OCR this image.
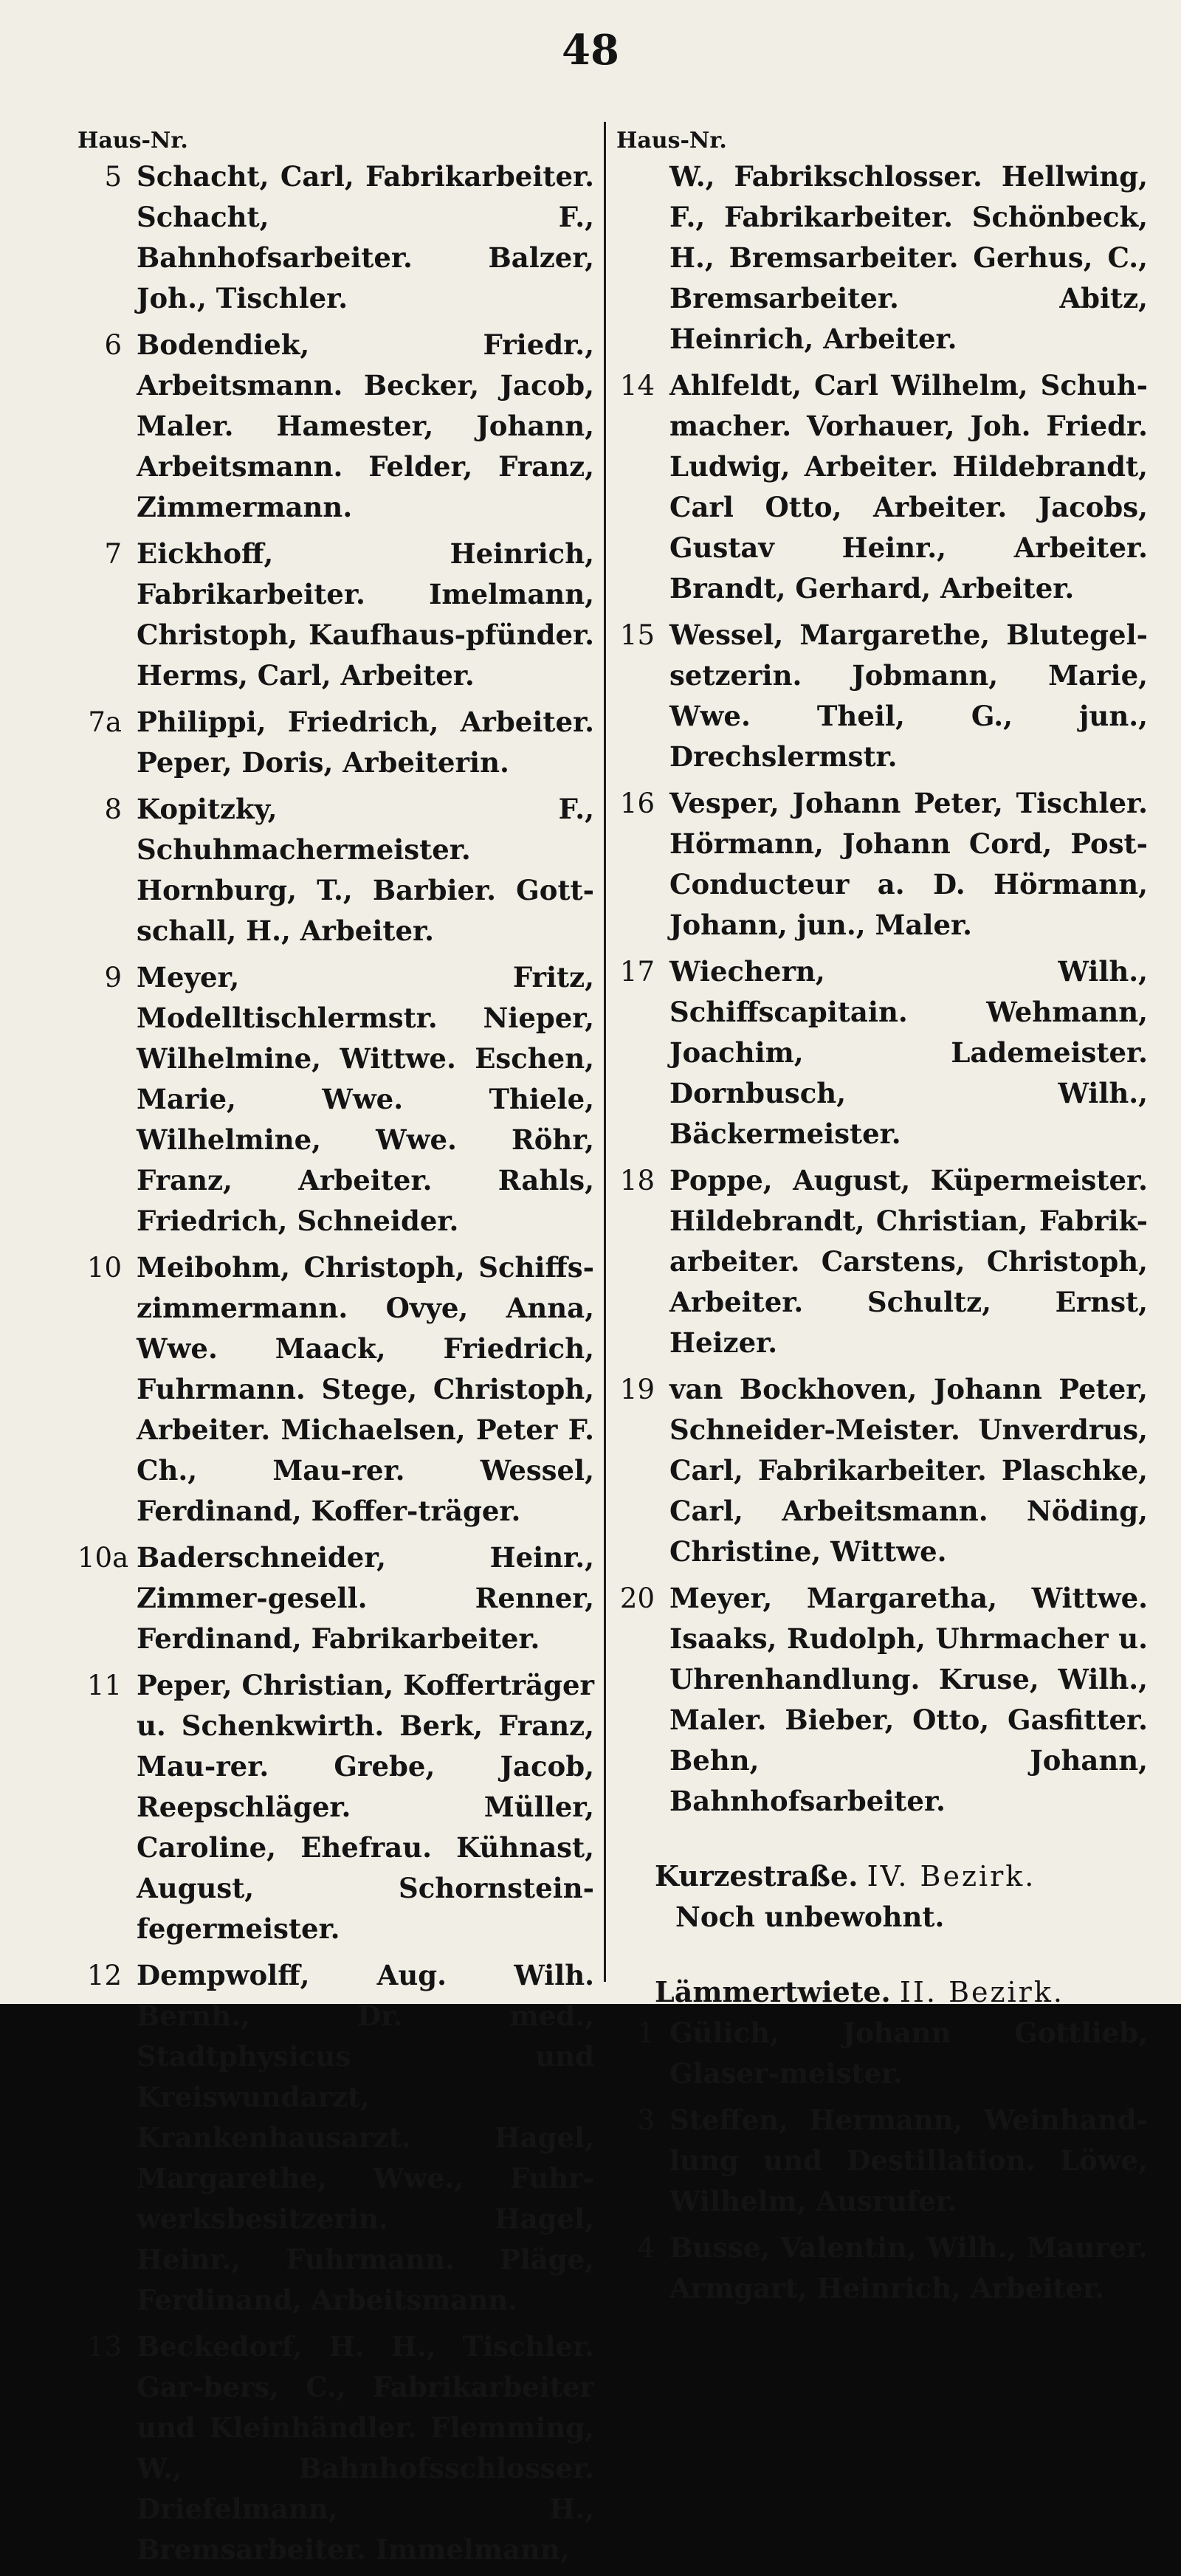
48
Haus-Nr.
5 Schacht, Carl, Fabrikarbeiter. Schacht, F., Bahnhofsarbeiter. Balzer, Joh., Tischler.
6 Bodendiek, Friedr., Arbeitsmann. Becker, Jacob, Maler. Hamester, Johann, Arbeitsmann. Felder, Franz, Zimmermann.
7 Eickhoff, Heinrich, Fabrikarbeiter. Imelmann, Christoph, Kaufhaus-pfünder. Herms, Carl, Arbeiter.
7a Philippi, Friedrich, Arbeiter. Peper, Doris, Arbeiterin.
8 Kopitzky, F., Schuhmachermeister. Hornburg, T., Barbier. Gott-schall, H., Arbeiter.
9 Meyer, Fritz, Modelltischlermstr. Nieper, Wilhelmine, Wittwe. Eschen, Marie, Wwe. Thiele, Wilhelmine, Wwe. Röhr, Franz, Arbeiter. Rahls, Friedrich, Schneider.
10 Meibohm, Christoph, Schiffs-zimmermann. Ovye, Anna, Wwe. Maack, Friedrich, Fuhrmann. Stege, Christoph, Arbeiter. Michaelsen, Peter F. Ch., Mau-rer. Wessel, Ferdinand, Koffer-träger.
10a Baderschneider, Heinr., Zimmer-gesell. Renner, Ferdinand, Fabrikarbeiter.
11 Peper, Christian, Kofferträger u. Schenkwirth. Berk, Franz, Mau-rer. Grebe, Jacob, Reepschläger. Müller, Caroline, Ehefrau. Kühnast, August, Schornstein-fegermeister.
12 Dempwolff, Aug. Wilh. Bernh., Dr. med., Stadtphysicus und Kreiswundarzt, Krankenhausarzt. Hagel, Margarethe, Wwe., Fuhr-werksbesitzerin. Hagel, Heinr., Fuhrmann. Pläge, Ferdinand, Arbeitsmann.
13 Beckedorf, H. H., Tischler. Gar-bers, C., Fabrikarbeiter und Kleinhändler. Flemming, W., Bahnhofsschlosser. Driefelmann, H., Bremsarbeiter. Immelmann,
Haus-Nr.
W., Fabrikschlosser. Hellwing, F., Fabrikarbeiter. Schönbeck, H., Bremsarbeiter. Gerhus, C., Bremsarbeiter. Abitz, Heinrich, Arbeiter.
14 Ahlfeldt, Carl Wilhelm, Schuh-macher. Vorhauer, Joh. Friedr. Ludwig, Arbeiter. Hildebrandt, Carl Otto, Arbeiter. Jacobs, Gustav Heinr., Arbeiter. Brandt, Gerhard, Arbeiter.
15 Wessel, Margarethe, Blutegel-setzerin. Jobmann, Marie, Wwe. Theil, G., jun., Drechslermstr.
16 Vesper, Johann Peter, Tischler. Hörmann, Johann Cord, Post-Conducteur a. D. Hörmann, Johann, jun., Maler.
17 Wiechern, Wilh., Schiffscapitain. Wehmann, Joachim, Lademeister. Dornbusch, Wilh., Bäckermeister.
18 Poppe, August, Küpermeister. Hildebrandt, Christian, Fabrik-arbeiter. Carstens, Christoph, Arbeiter. Schultz, Ernst, Heizer.
19 van Bockhoven, Johann Peter, Schneider-Meister. Unverdrus, Carl, Fabrikarbeiter. Plaschke, Carl, Arbeitsmann. Nöding, Christine, Wittwe.
20 Meyer, Margaretha, Wittwe. Isaaks, Rudolph, Uhrmacher u. Uhrenhandlung. Kruse, Wilh., Maler. Bieber, Otto, Gasfitter. Behn, Johann, Bahnhofsarbeiter.
Kurzestraße. IV. Bezirk.
Noch unbewohnt.
Lämmertwiete. II. Bezirk.
1 Gülich, Johann Gottlieb, Glaser-meister.
3 Steffen, Hermann, Weinhand-lung und Destillation. Löwe, Wilhelm, Ausrufer.
4 Busse, Valentin, Wilh., Maurer. Armgart, Heinrich, Arbeiter.
